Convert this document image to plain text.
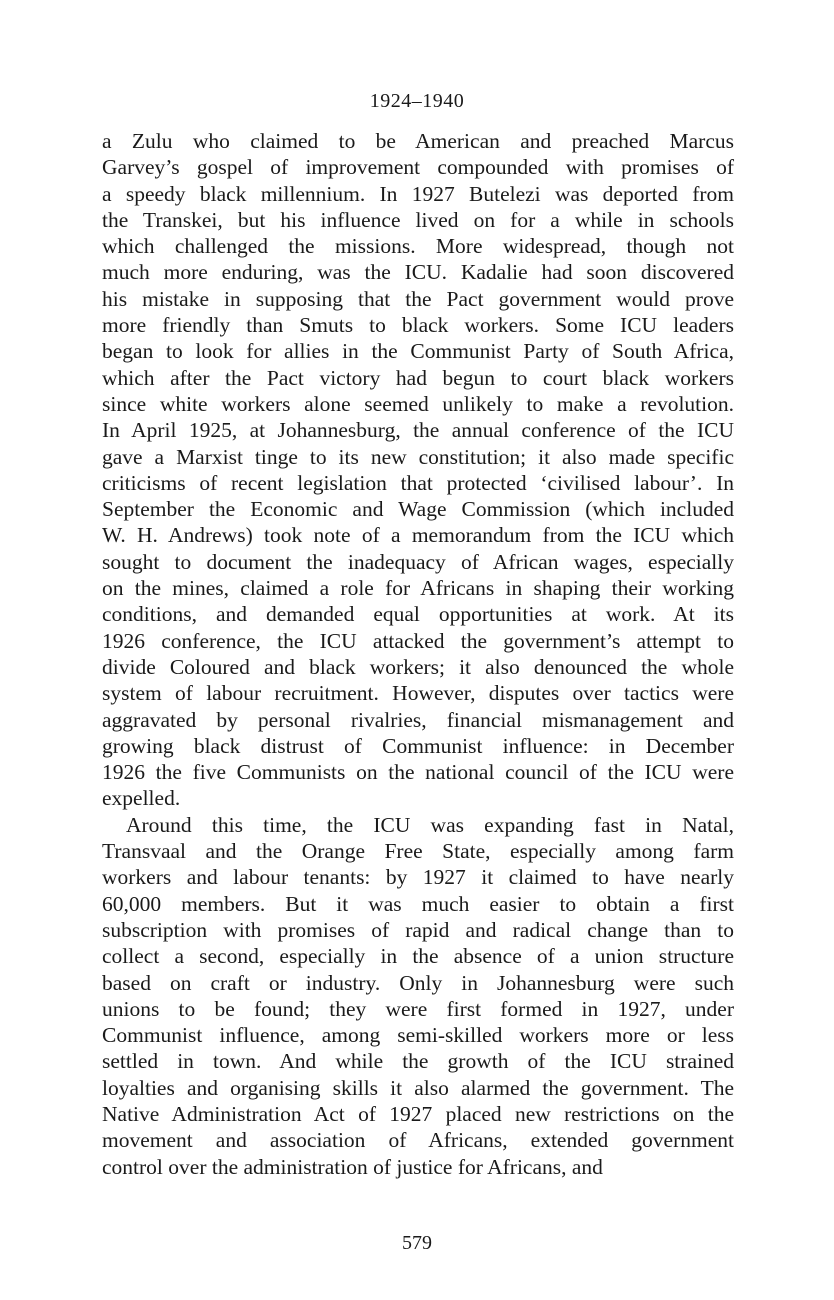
1924–1940
a Zulu who claimed to be American and preached Marcus
Garvey’s gospel of improvement compounded with promises of
a speedy black millennium. In 1927 Butelezi was deported from
the Transkei, but his influence lived on for a while in schools
which challenged the missions. More widespread, though not
much more enduring, was the ICU. Kadalie had soon discovered
his mistake in supposing that the Pact government would prove
more friendly than Smuts to black workers. Some ICU leaders
began to look for allies in the Communist Party of South Africa,
which after the Pact victory had begun to court black workers
since white workers alone seemed unlikely to make a revolution.
In April 1925, at Johannesburg, the annual conference of the ICU
gave a Marxist tinge to its new constitution; it also made specific
criticisms of recent legislation that protected ‘civilised labour’. In
September the Economic and Wage Commission (which included
W. H. Andrews) took note of a memorandum from the ICU which
sought to document the inadequacy of African wages, especially
on the mines, claimed a role for Africans in shaping their working
conditions, and demanded equal opportunities at work. At its
1926 conference, the ICU attacked the government’s attempt to
divide Coloured and black workers; it also denounced the whole
system of labour recruitment. However, disputes over tactics were
aggravated by personal rivalries, financial mismanagement and
growing black distrust of Communist influence: in December
1926 the five Communists on the national council of the ICU were
expelled.
Around this time, the ICU was expanding fast in Natal,
Transvaal and the Orange Free State, especially among farm
workers and labour tenants: by 1927 it claimed to have nearly
60,000 members. But it was much easier to obtain a first
subscription with promises of rapid and radical change than to
collect a second, especially in the absence of a union structure
based on craft or industry. Only in Johannesburg were such
unions to be found; they were first formed in 1927, under
Communist influence, among semi-skilled workers more or less
settled in town. And while the growth of the ICU strained
loyalties and organising skills it also alarmed the government. The
Native Administration Act of 1927 placed new restrictions on the
movement and association of Africans, extended government
control over the administration of justice for Africans, and
579
